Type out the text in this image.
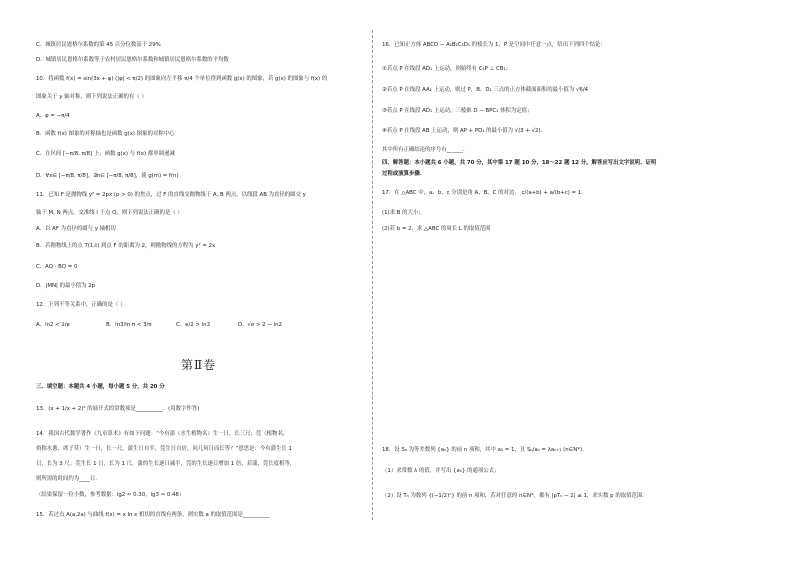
C．城镇居民恩格尔系数的第 45 百分位数高于 29%
D．城镇居民恩格尔系数等于农村居民恩格尔系数和城镇居民恩格尔系数的平均数
10．将函数 f(x) = sin(3x + φ) (|φ| < π/2) 的图象向左平移 π/4 个单位得到函数 g(x) 的图象，若 g(x) 的图象与 f(x) 的
图象关于 y 轴对称，则下列说法正确的有（ ）
A．φ = −π/4
B．函数 f(x) 图象的对称轴也是函数 g(x) 图象的对称中心
C．在区间 [−π/8, π/8] 上，函数 g(x) 与 f(x) 都单调递减
D．∀x∈ [−π/8, π/8]，∃n∈ [−π/8, π/8]，使 g(m) = f(n)
11．已知 F 是抛物线 y² = 2px (p > 0) 的焦点，过 F 的直线交抛物线于 A, B 两点，以线段 AB 为直径的圆交 y
轴于 M, N 两点，交准线 l 于点 Q，则下列说法正确的是（ ）
A．以 AF 为直径的圆与 y 轴相切
B．若抛物线上的点 T(1,t) 到点 F 的距离为 2，则抛物线的方程为 y² = 2x
C．AQ · BQ = 0
D．|MN| 的最小值为 2p
12．下列不等关系中，正确的是（ ）
A．ln2 < 2/e	B．ln3/ln π < 3/π	C．e/2 > ln3	D．√e > 2 − ln2
第Ⅱ卷
三、填空题：本题共 4 小题，每小题 5 分，共 20 分
13．(x + 1/x + 2)⁴ 的展开式的常数项是__________．(用数字作答)
14．我国古代数学著作《九章算术》有如下问题：“今有蒲（水生植物名）生一日，长三尺；莞（植物名，
俗称水葱、席子草）生一日，长一尺，蒲生日自半，莞生日自倍，问几何日而长等？”意思是：今有蒲生长 1
日，长为 3 尺；莞生长 1 日，长为 1 尺，蒲的生长逐日减半，莞的生长逐日增加 1 倍，若蒲、莞长度相等，
则所需的时间约为____日．
（结果保留一位小数，参考数据：lg2 ≈ 0.30，lg3 ≈ 0.48）
15．若过点 A(a,2a) 与曲线 f(x) = x ln x 相切的直线有两条，则实数 a 的取值范围是__________
16．已知正方体 ABCD − A₁B₁C₁D₁ 的棱长为 1，P 是空间中任意一点，给出下列四个结论：
①若点 P 在线段 AD₁ 上运动，则始终有 C₁P ⊥ CB₁；
②若点 P 在线段 AA₁ 上运动，则过 P，B，D₁ 三点的正方体截面面积的最小值为 √6/4
③若点 P 在线段 AD₁ 上运动，三棱锥 D − BPC₁ 体积为定值；
④若点 P 在线段 AB 上运动，则 AP + PD₁ 的最小值为 √(3 + √2)．
其中所有正确结论的序号有______．
四、解答题：本小题共 6 小题，共 70 分，其中第 17 题 10 分，18～22 题 12 分。解答应写出文字说明、证明
过程或演算步骤.
17．在 △ABC 中，a、b、c 分别是角 A、B、C 的对边， c/(a+b) + a/(b+c) = 1．
(1)求 B 的大小；
(2)若 b = 2，求 △ABC 的周长 L 的取值范围
18．设 Sₙ 为等差数列 {aₙ} 的前 n 项和，其中 a₁ = 1，且 Sₙ/aₙ = λaₙ₊₁ (n∈N*)．
（1）求常数 λ 的值，并写出 {aₙ} 的通项公式；
（2）设 Tₙ 为数列 {(−1/2)ⁿ} 的前 n 项和，若对任意的 n∈N*，都有 |pTₙ − 2| ≤ 1，求实数 p 的取值范围．
